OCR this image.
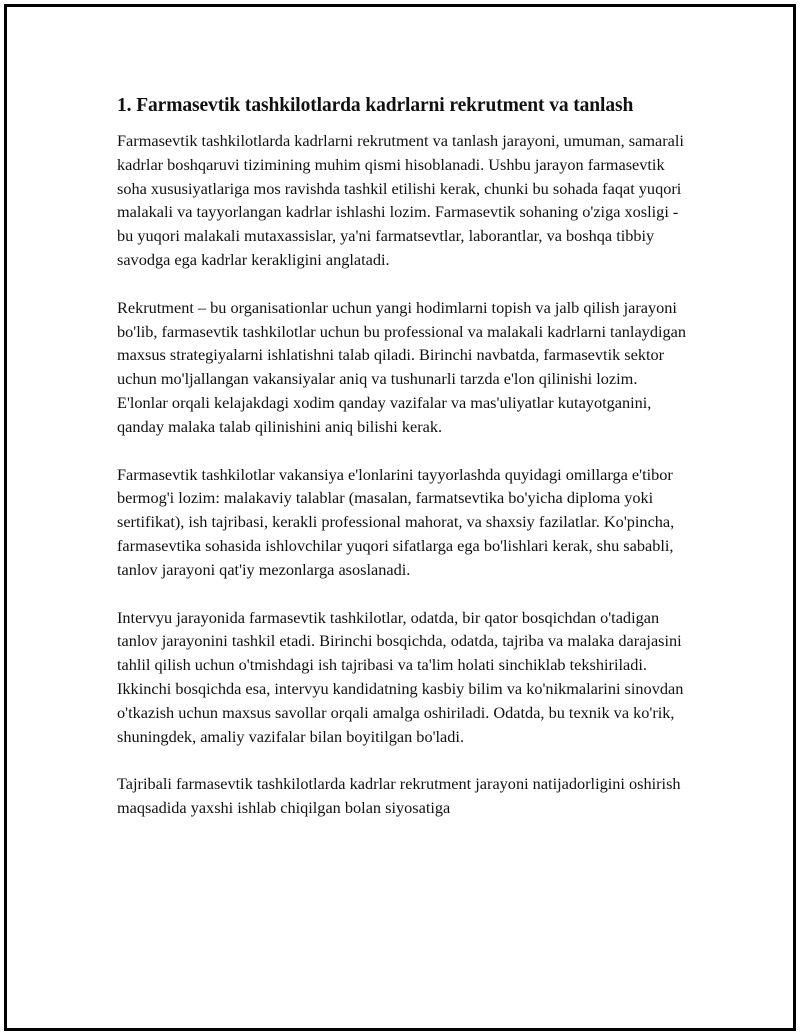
1. Farmasevtik tashkilotlarda kadrlarni rekrutment va tanlash

Farmasevtik tashkilotlarda kadrlarni rekrutment va tanlash jarayoni, umuman, samarali kadrlar boshqaruvi tizimining muhim qismi hisoblanadi. Ushbu jarayon farmasevtik soha xususiyatlariga mos ravishda tashkil etilishi kerak, chunki bu sohada faqat yuqori malakali va tayyorlangan kadrlar ishlashi lozim. Farmasevtik sohaning o'ziga xosligi - bu yuqori malakali mutaxassislar, ya'ni farmatsevtlar, laborantlar, va boshqa tibbiy savodga ega kadrlar kerakligini anglatadi.

Rekrutment – bu organisationlar uchun yangi hodimlarni topish va jalb qilish jarayoni bo'lib, farmasevtik tashkilotlar uchun bu professional va malakali kadrlarni tanlaydigan maxsus strategiyalarni ishlatishni talab qiladi. Birinchi navbatda, farmasevtik sektor uchun mo'ljallangan vakansiyalar aniq va tushunarli tarzda e'lon qilinishi lozim. E'lonlar orqali kelajakdagi xodim qanday vazifalar va mas'uliyatlar kutayotganini, qanday malaka talab qilinishini aniq bilishi kerak.

Farmasevtik tashkilotlar vakansiya e'lonlarini tayyorlashda quyidagi omillarga e'tibor bermog'i lozim: malakaviy talablar (masalan, farmatsevtika bo'yicha diploma yoki sertifikat), ish tajribasi, kerakli professional mahorat, va shaxsiy fazilatlar. Ko'pincha, farmasevtika sohasida ishlovchilar yuqori sifatlarga ega bo'lishlari kerak, shu sababli, tanlov jarayoni qat'iy mezonlarga asoslanadi.

Intervyu jarayonida farmasevtik tashkilotlar, odatda, bir qator bosqichdan o'tadigan tanlov jarayonini tashkil etadi. Birinchi bosqichda, odatda, tajriba va malaka darajasini tahlil qilish uchun o'tmishdagi ish tajribasi va ta'lim holati sinchiklab tekshiriladi. Ikkinchi bosqichda esa, intervyu kandidatning kasbiy bilim va ko'nikmalarini sinovdan o'tkazish uchun maxsus savollar orqali amalga oshiriladi. Odatda, bu texnik va ko'rik, shuningdek, amaliy vazifalar bilan boyitilgan bo'ladi.

Tajribali farmasevtik tashkilotlarda kadrlar rekrutment jarayoni natijadorligini oshirish maqsadida yaxshi ishlab chiqilgan bolan siyosatiga
